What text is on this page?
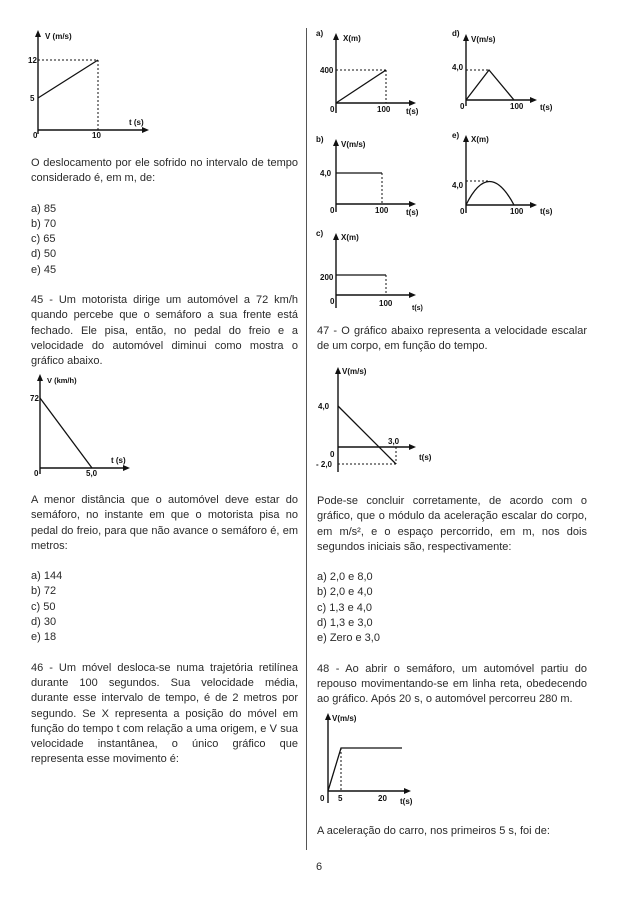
V (m/s)
12
5
0	10
t (s)
O deslocamento por ele sofrido no intervalo de tempo considerado é, em m, de:
a) 85
b) 70
c) 65
d) 50
e) 45
45 - Um motorista dirige um automóvel a 72 km/h quando percebe que o semáforo a sua frente está fechado. Ele pisa, então, no pedal do freio e a velocidade do automóvel diminui como mostra o gráfico abaixo.
V (km/h)
72
0	5,0
t (s)
A menor distância que o automóvel deve estar do semáforo, no instante em que o motorista pisa no pedal do freio, para que não avance o semáforo é, em metros:
a) 144
b) 72
c) 50
d) 30
e) 18
46 - Um móvel desloca-se numa trajetória retilínea durante 100 segundos. Sua velocidade média, durante esse intervalo de tempo, é de 2 metros por segundo. Se X representa a posição do móvel em função do tempo t com relação a uma origem, e V sua velocidade instantânea, o único gráfico que representa esse movimento é:
a)
X(m)
400
0	100 t(s)
d)
V(m/s)
4,0
0	100 t(s)
b)
V(m/s)
4,0
0	100 t(s)
e) X(m)
4,0
0	100 t(s)
c) X(m)
200
0	100
t(s)
47 - O gráfico abaixo representa a velocidade escalar de um corpo, em função do tempo.
V(m/s)
4,0
3,0
0
- 2,0
t(s)
Pode-se concluir corretamente, de acordo com o gráfico, que o módulo da aceleração escalar do corpo, em m/s², e o espaço percorrido, em m, nos dois segundos iniciais são, respectivamente:
a) 2,0 e 8,0
b) 2,0 e 4,0
c) 1,3 e 4,0
d) 1,3 e 3,0
e) Zero e 3,0
48 - Ao abrir o semáforo, um automóvel partiu do repouso movimentando-se em linha reta, obedecendo ao gráfico. Após 20 s, o automóvel percorreu 280 m.
V(m/s)
0 5	20 t(s)
A aceleração do carro, nos primeiros 5 s, foi de:
6
